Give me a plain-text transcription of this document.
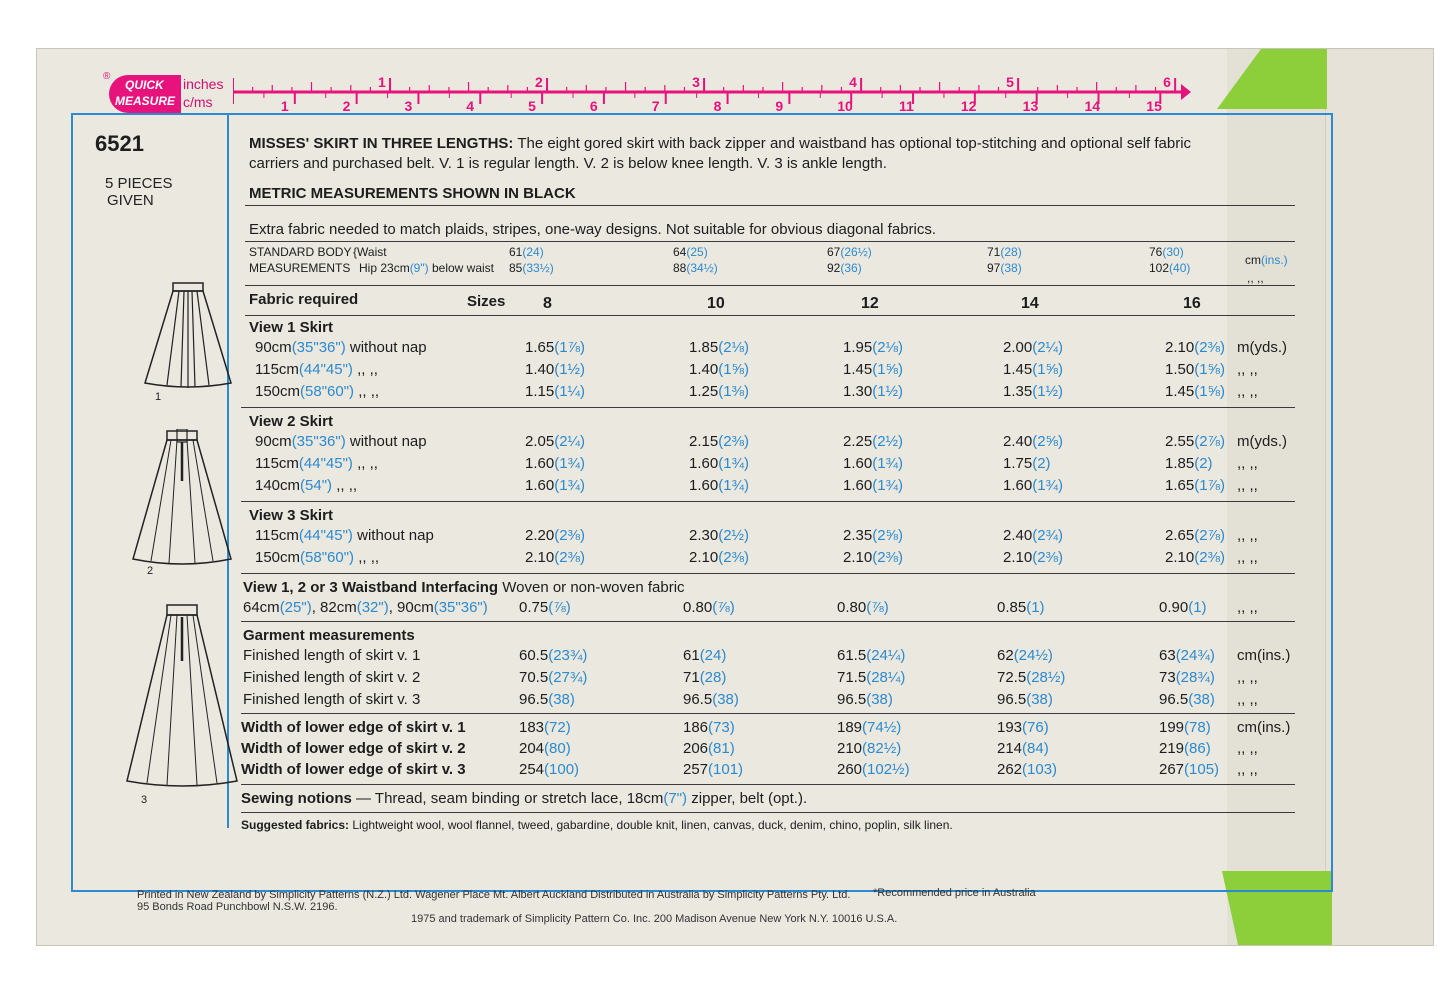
QUICK
MEASURE
®	inches
c/ms
1	2	3	4	5	6
1	2	3	4	5	6	7	8	9	10	11	12	13	14	15
6521
5 PIECES
GIVEN
1
2
3
MISSES' SKIRT IN THREE LENGTHS: The eight gored skirt with back zipper and waistband has optional top-stitching and optional self fabric
carriers and purchased belt. V. 1 is regular length. V. 2 is below knee length. V. 3 is ankle length.
METRIC MEASUREMENTS SHOWN IN BLACK
Extra fabric needed to match plaids, stripes, one-way designs. Not suitable for obvious diagonal fabrics.
STANDARD BODY
MEASUREMENTS
{Waist
Hip 23cm(9") below waist
cm(ins.)
,, ,,
Fabric required	Sizes
Printed in New Zealand by Simplicity Patterns (N.Z.) Ltd. Wagener Place Mt. Albert Auckland Distributed in Australia by Simplicity Patterns Pty. Ltd.
95 Bonds Road Punchbowl N.S.W. 2196.
1975 and trademark of Simplicity Pattern Co. Inc. 200 Madison Avenue New York N.Y. 10016 U.S.A.
*Recommended price in Australia
61(24)	64(25)	67(26½)	71(28)	76(30)
85(33½)	88(34½)	92(36)	97(38)	102(40)
8	10	12	14	16
View 1 Skirt
90cm(35"36") without nap	1.65(1⅞)	1.85(2⅛)	1.95(2⅛)	2.00(2¼)	2.10(2⅜) m(yds.)
115cm(44"45") ,, ,,	1.40(1½)	1.40(1⅝)	1.45(1⅝)	1.45(1⅝)	1.50(1⅝) ,, ,,
150cm(58"60") ,, ,,	1.15(1¼)	1.25(1⅜)	1.30(1½)	1.35(1½)	1.45(1⅝) ,, ,,
View 2 Skirt
90cm(35"36") without nap	2.05(2¼)	2.15(2⅜)	2.25(2½)	2.40(2⅝)	2.55(2⅞) m(yds.)
115cm(44"45") ,, ,,	1.60(1¾)	1.60(1¾)	1.60(1¾)	1.75(2)	1.85(2) ,, ,,
140cm(54") ,, ,,	1.60(1¾)	1.60(1¾)	1.60(1¾)	1.60(1¾)	1.65(1⅞) ,, ,,
View 3 Skirt
115cm(44"45") without nap	2.20(2⅜)	2.30(2½)	2.35(2⅝)	2.40(2¾)	2.65(2⅞) ,, ,,
150cm(58"60") ,, ,,	2.10(2⅜)	2.10(2⅜)	2.10(2⅜)	2.10(2⅜)	2.10(2⅜) ,, ,,
View 1, 2 or 3 Waistband Interfacing Woven or non-woven fabric
64cm(25"), 82cm(32"), 90cm(35"36") 0.75(⅞)	0.80(⅞)	0.80(⅞)	0.85(1)	0.90(1) ,, ,,
Garment measurements
Finished length of skirt v. 1	60.5(23¾)	61(24)	61.5(24¼)	62(24½)	63(24¾) cm(ins.)
Finished length of skirt v. 2	70.5(27¾)	71(28)	71.5(28¼)	72.5(28½)	73(28¾) ,, ,,
Finished length of skirt v. 3	96.5(38)	96.5(38)	96.5(38)	96.5(38)	96.5(38) ,, ,,
Width of lower edge of skirt v. 1	183(72)	186(73)	189(74½)	193(76)	199(78) cm(ins.)
Width of lower edge of skirt v. 2	204(80)	206(81)	210(82½)	214(84)	219(86) ,, ,,
Width of lower edge of skirt v. 3	254(100)	257(101)	260(102½)	262(103)	267(105) ,, ,,
Sewing notions — Thread, seam binding or stretch lace, 18cm(7") zipper, belt (opt.).
Suggested fabrics: Lightweight wool, wool flannel, tweed, gabardine, double knit, linen, canvas, duck, denim, chino, poplin, silk linen.
